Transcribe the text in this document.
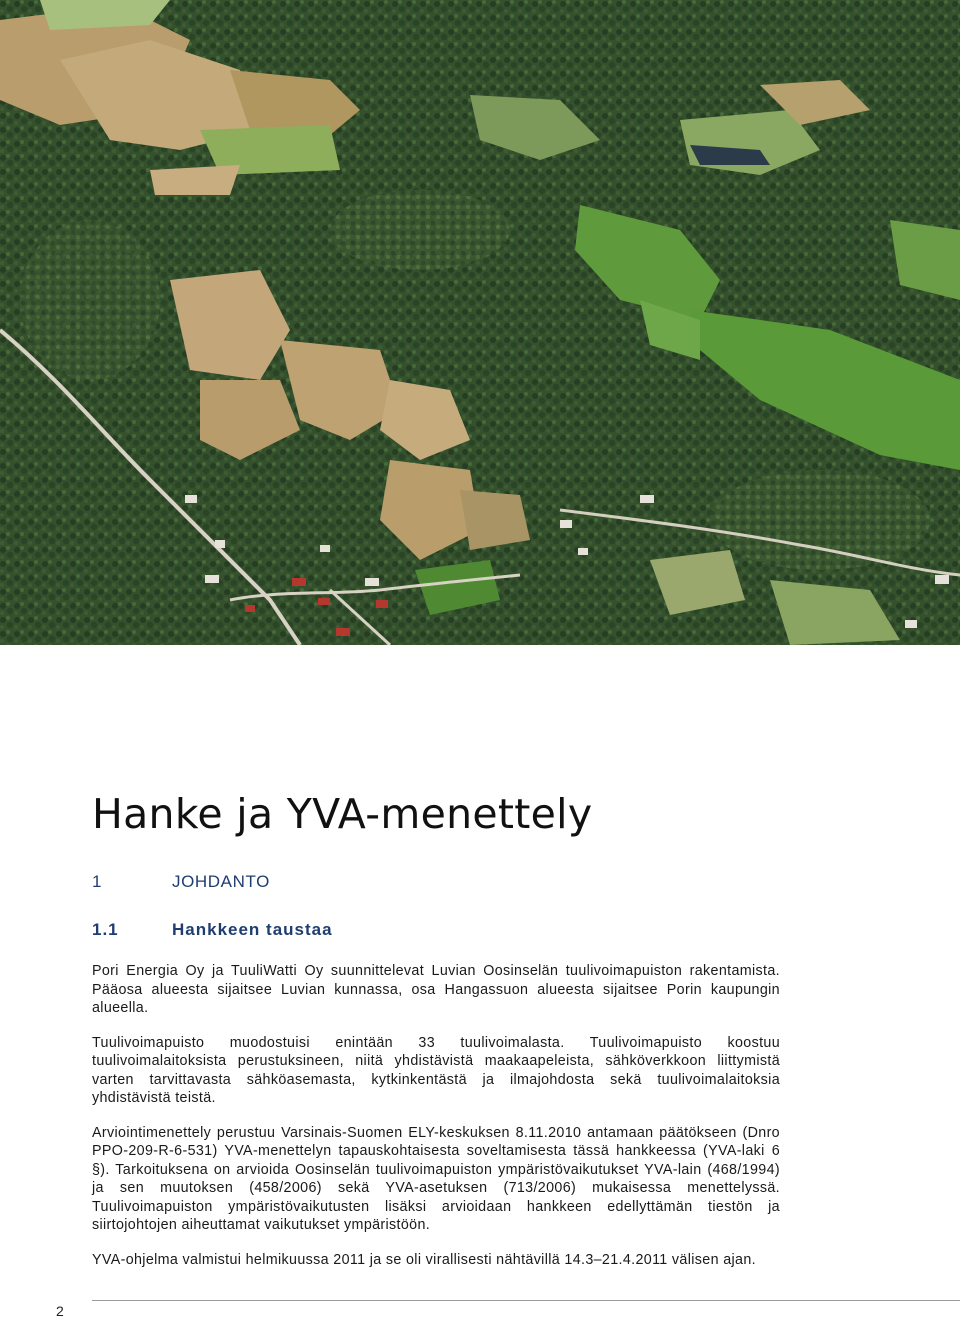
Hanke ja YVA-menettely
1	JOHDANTO
1.1	Hankkeen taustaa

Pori Energia Oy ja TuuliWatti Oy suunnittelevat Luvian Oosinselän tuulivoimapuiston rakentamista. Pääosa alueesta sijaitsee Luvian kunnassa, osa Hangassuon alueesta sijaitsee Porin kaupungin alueella.

Tuulivoimapuisto muodostuisi enintään 33 tuulivoimalasta. Tuulivoimapuisto koostuu tuulivoimalaitoksista perustuksineen, niitä yhdistävistä maakaapeleista, sähköverkkoon liittymistä varten tarvittavasta sähköasemasta, kytkinkentästä ja ilmajohdosta sekä tuulivoimalaitoksia yhdistävistä teistä.

Arviointimenettely perustuu Varsinais-Suomen ELY-keskuksen 8.11.2010 antamaan päätökseen (Dnro PPO-209-R-6-531) YVA-menettelyn tapauskohtaisesta soveltamisesta tässä hankkeessa (YVA-laki 6 §). Tarkoituksena on arvioida Oosinselän tuulivoimapuiston ympäristövaikutukset YVA-lain (468/1994) ja sen muutoksen (458/2006) sekä YVA-asetuksen (713/2006) mukaisessa menettelyssä. Tuulivoimapuiston ympäristövaikutusten lisäksi arvioidaan hankkeen edellyttämän tiestön ja siirtojohtojen aiheuttamat vaikutukset ympäristöön.

YVA-ohjelma valmistui helmikuussa 2011 ja se oli virallisesti nähtävillä 14.3–21.4.2011 välisen ajan.

2
